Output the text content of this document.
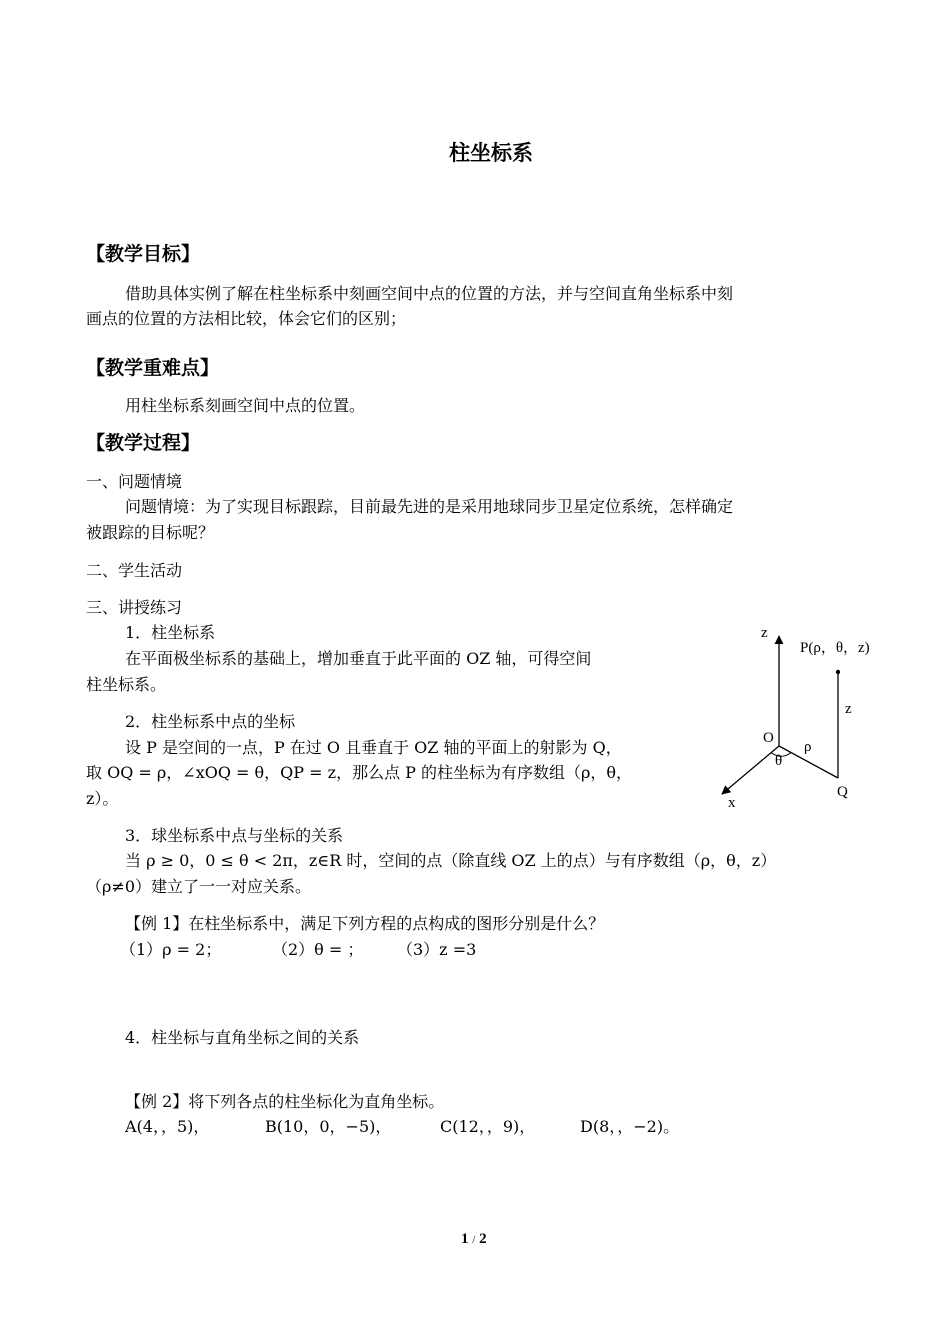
柱坐标系
【教学目标】
借助具体实例了解在柱坐标系中刻画空间中点的位置的方法，并与空间直角坐标系中刻
画点的位置的方法相比较，体会它们的区别；
【教学重难点】
用柱坐标系刻画空间中点的位置。
【教学过程】
一、问题情境
问题情境：为了实现目标跟踪，目前最先进的是采用地球同步卫星定位系统，怎样确定
被跟踪的目标呢？
二、学生活动
三、讲授练习
1．柱坐标系
在平面极坐标系的基础上，增加垂直于此平面的 OZ 轴，可得空间
柱坐标系。
2．柱坐标系中点的坐标
设 P 是空间的一点，P 在过 O 且垂直于 OZ 轴的平面上的射影为 Q，
取 OQ = ρ，∠xOQ = θ，QP = z，那么点 P 的柱坐标为有序数组（ρ，θ，
z）。
3．球坐标系中点与坐标的关系
当 ρ ≥ 0，0 ≤ θ < 2π，z∈R 时，空间的点（除直线 OZ 上的点）与有序数组（ρ，θ，z）
（ρ≠0）建立了一一对应关系。
【例 1】在柱坐标系中，满足下列方程的点构成的图形分别是什么？
（1）ρ = 2；	（2）θ = ； （3）z =3
4．柱坐标与直角坐标之间的关系
【例 2】将下列各点的柱坐标化为直角坐标。
A(4，，5)，	B(10，0，−5)，	C(12，，9)，	D(8，，−2)。
z
P(ρ，θ，z)
z
O
ρ
θ
Q
x
1 / 2
